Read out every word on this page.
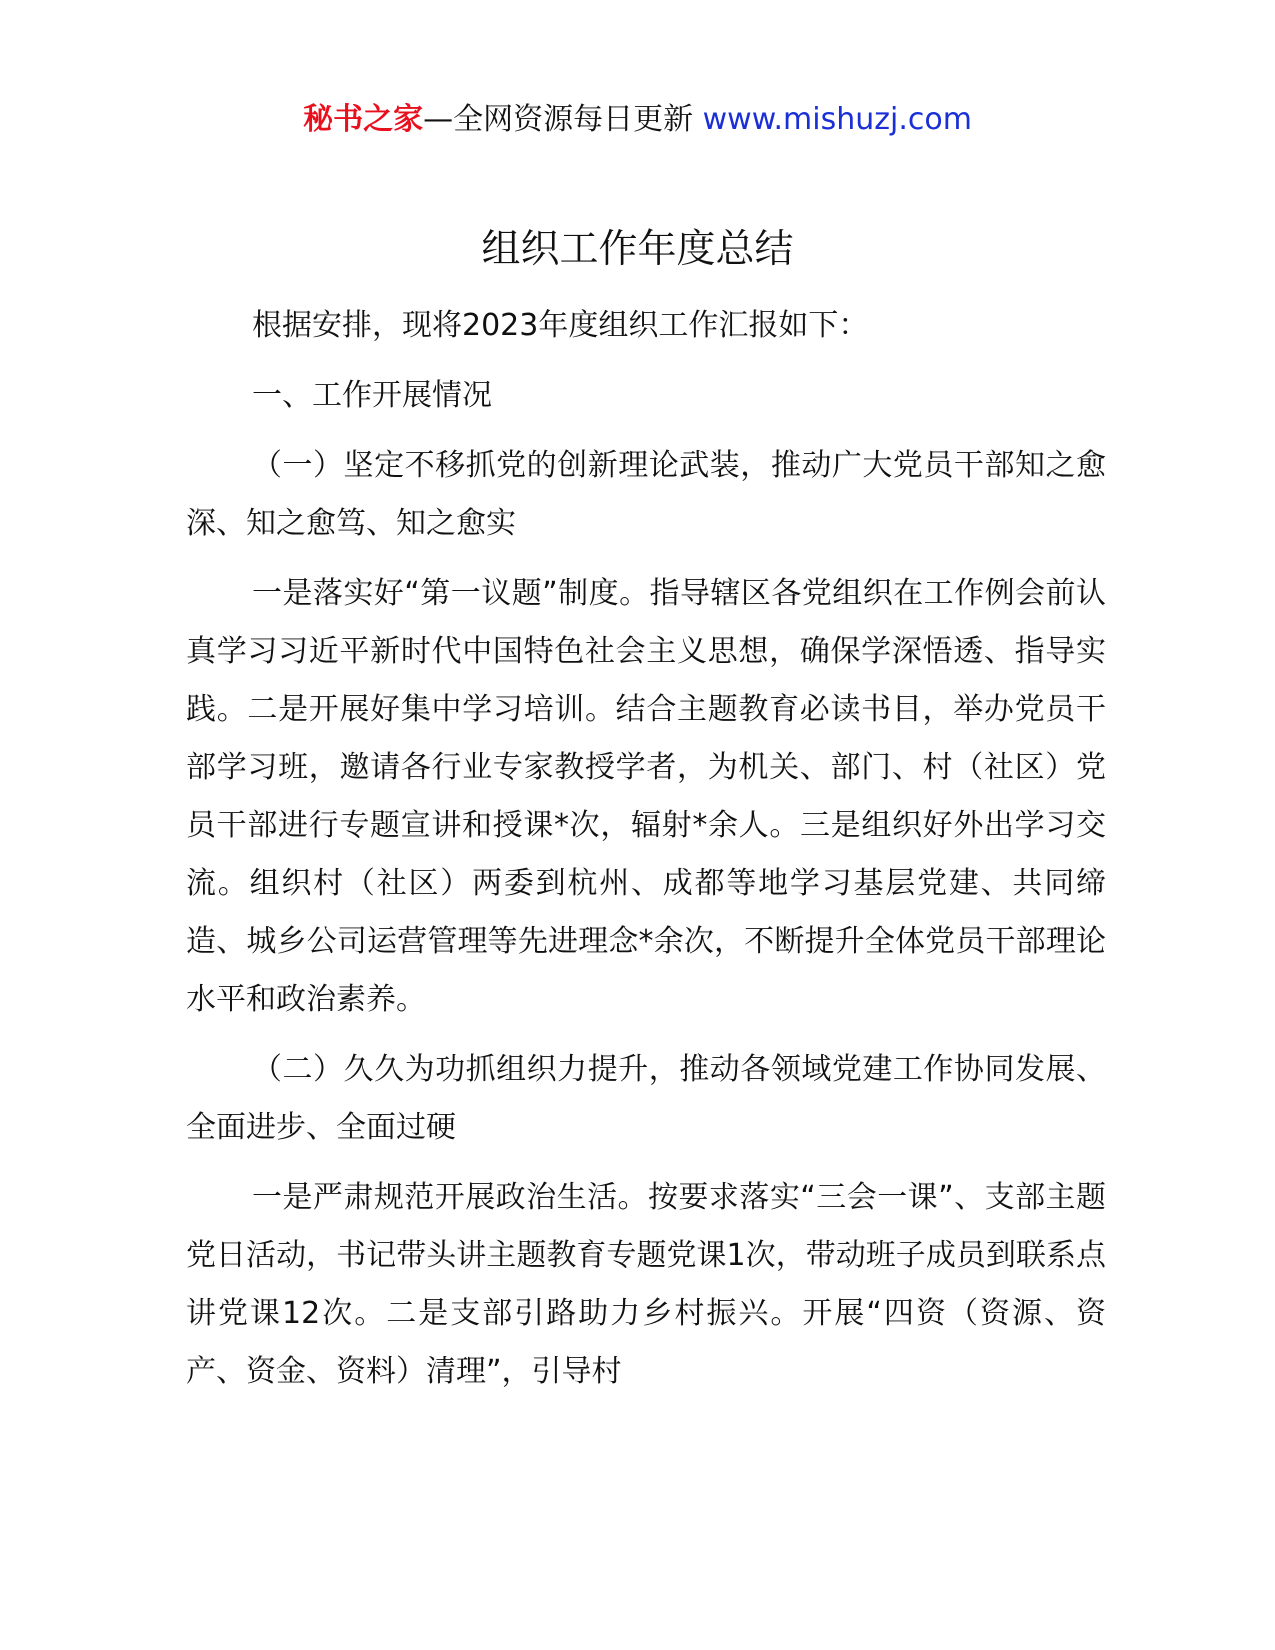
秘书之家—全网资源每日更新 www.mishuzj.com
组织工作年度总结

根据安排，现将2023年度组织工作汇报如下：

一、工作开展情况

（一）坚定不移抓党的创新理论武装，推动广大党员干部知之愈深、知之愈笃、知之愈实

一是落实好“第一议题”制度。指导辖区各党组织在工作例会前认真学习习近平新时代中国特色社会主义思想，确保学深悟透、指导实践。二是开展好集中学习培训。结合主题教育必读书目，举办党员干部学习班，邀请各行业专家教授学者，为机关、部门、村（社区）党员干部进行专题宣讲和授课*次，辐射*余人。三是组织好外出学习交流。组织村（社区）两委到杭州、成都等地学习基层党建、共同缔造、城乡公司运营管理等先进理念*余次，不断提升全体党员干部理论水平和政治素养。

（二）久久为功抓组织力提升，推动各领域党建工作协同发展、全面进步、全面过硬

一是严肃规范开展政治生活。按要求落实“三会一课”、支部主题党日活动，书记带头讲主题教育专题党课1次，带动班子成员到联系点讲党课12次。二是支部引路助力乡村振兴。开展“四资（资源、资产、资金、资料）清理”，引导村
